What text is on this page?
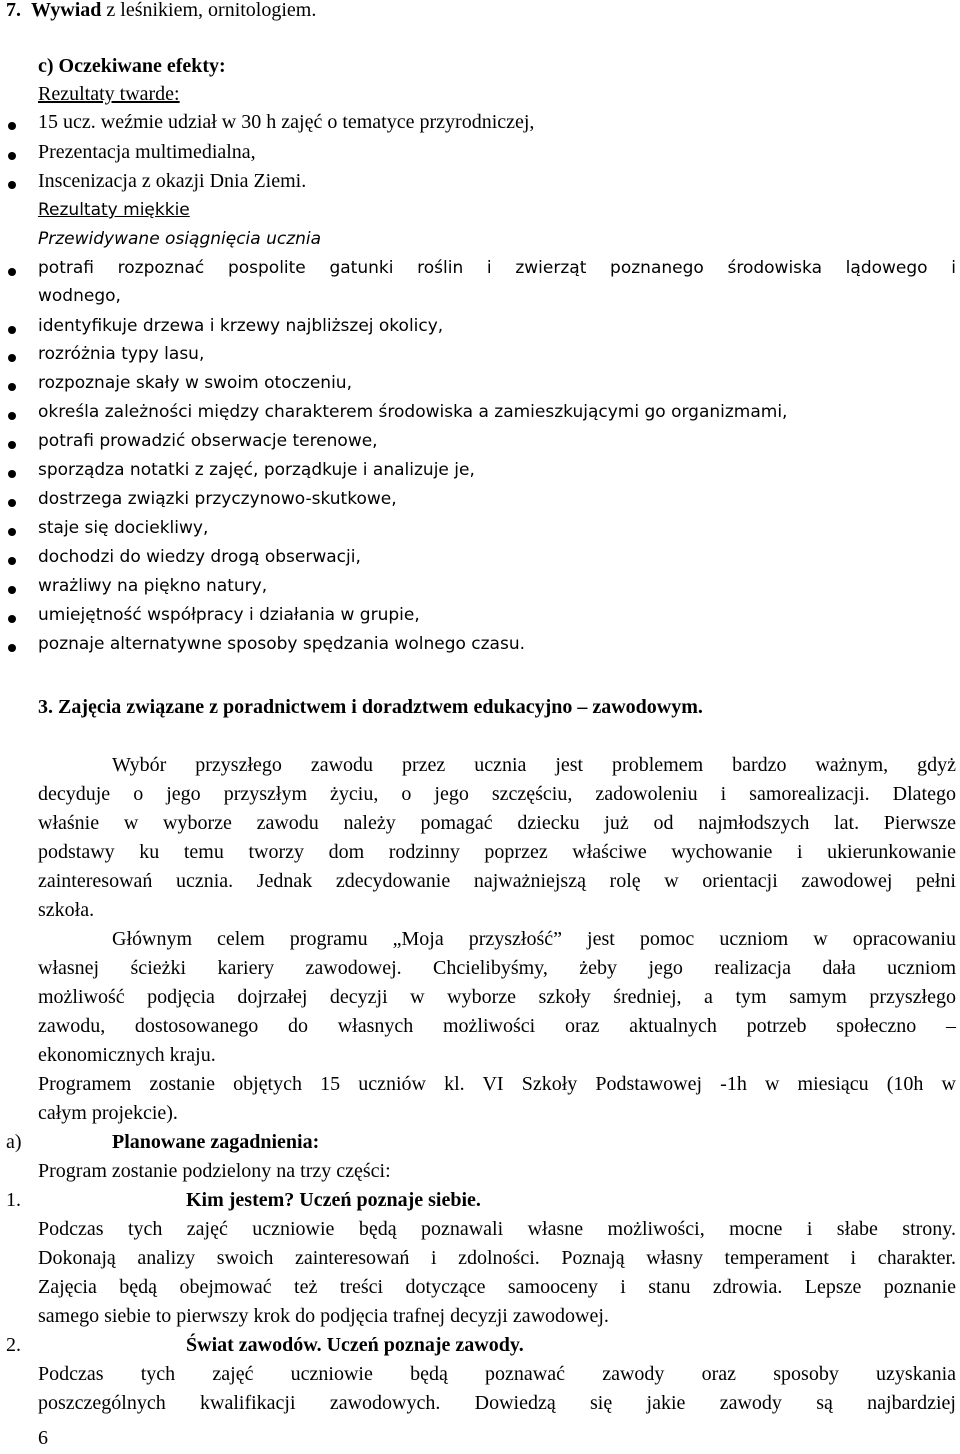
7.  Wywiad z leśnikiem, ornitologiem.
c) Oczekiwane efekty:
Rezultaty twarde:
15 ucz. weźmie udział w 30 h zajęć o tematyce przyrodniczej,
Prezentacja multimedialna,
Inscenizacja z okazji Dnia Ziemi.
Rezultaty miękkie
Przewidywane osiągnięcia ucznia
potrafi rozpoznać pospolite gatunki roślin i zwierząt poznanego środowiska lądowego i
wodnego,
identyfikuje drzewa i krzewy najbliższej okolicy,
rozróżnia typy lasu,
rozpoznaje skały w swoim otoczeniu,
określa zależności między charakterem środowiska a zamieszkującymi go organizmami,
potrafi prowadzić obserwacje terenowe,
sporządza notatki z zajęć, porządkuje i analizuje je,
dostrzega związki przyczynowo-skutkowe,
staje się dociekliwy,
dochodzi do wiedzy drogą obserwacji,
wrażliwy na piękno natury,
umiejętność współpracy i działania w grupie,
poznaje alternatywne sposoby spędzania wolnego czasu.
3. Zajęcia związane z poradnictwem i doradztwem edukacyjno – zawodowym.
Wybór przyszłego zawodu przez ucznia jest problemem bardzo ważnym, gdyż
decyduje o jego przyszłym życiu, o jego szczęściu, zadowoleniu i samorealizacji. Dlatego
właśnie w wyborze zawodu należy pomagać dziecku już od najmłodszych lat. Pierwsze
podstawy ku temu tworzy dom rodzinny poprzez właściwe wychowanie i ukierunkowanie
zainteresowań ucznia. Jednak zdecydowanie najważniejszą rolę w orientacji zawodowej pełni
szkoła.
Głównym celem programu „Moja przyszłość” jest pomoc uczniom w opracowaniu
własnej ścieżki kariery zawodowej. Chcielibyśmy, żeby jego realizacja dała uczniom
możliwość podjęcia dojrzałej decyzji w wyborze szkoły średniej, a tym samym przyszłego
zawodu, dostosowanego do własnych możliwości oraz aktualnych potrzeb społeczno –
ekonomicznych kraju.
Programem zostanie objętych 15 uczniów kl. VI Szkoły Podstawowej -1h w miesiącu (10h w
całym projekcie).
a)	Planowane zagadnienia:
Program zostanie podzielony na trzy części:
1.	Kim jestem? Uczeń poznaje siebie.
Podczas tych zajęć uczniowie będą poznawali własne możliwości, mocne i słabe strony.
Dokonają analizy swoich zainteresowań i zdolności. Poznają własny temperament i charakter.
Zajęcia będą obejmować też treści dotyczące samooceny i stanu zdrowia. Lepsze poznanie
samego siebie to pierwszy krok do podjęcia trafnej decyzji zawodowej.
2.	Świat zawodów. Uczeń poznaje zawody.
Podczas tych zajęć uczniowie będą poznawać zawody oraz sposoby uzyskania
poszczególnych kwalifikacji zawodowych. Dowiedzą się jakie zawody są najbardziej
6
